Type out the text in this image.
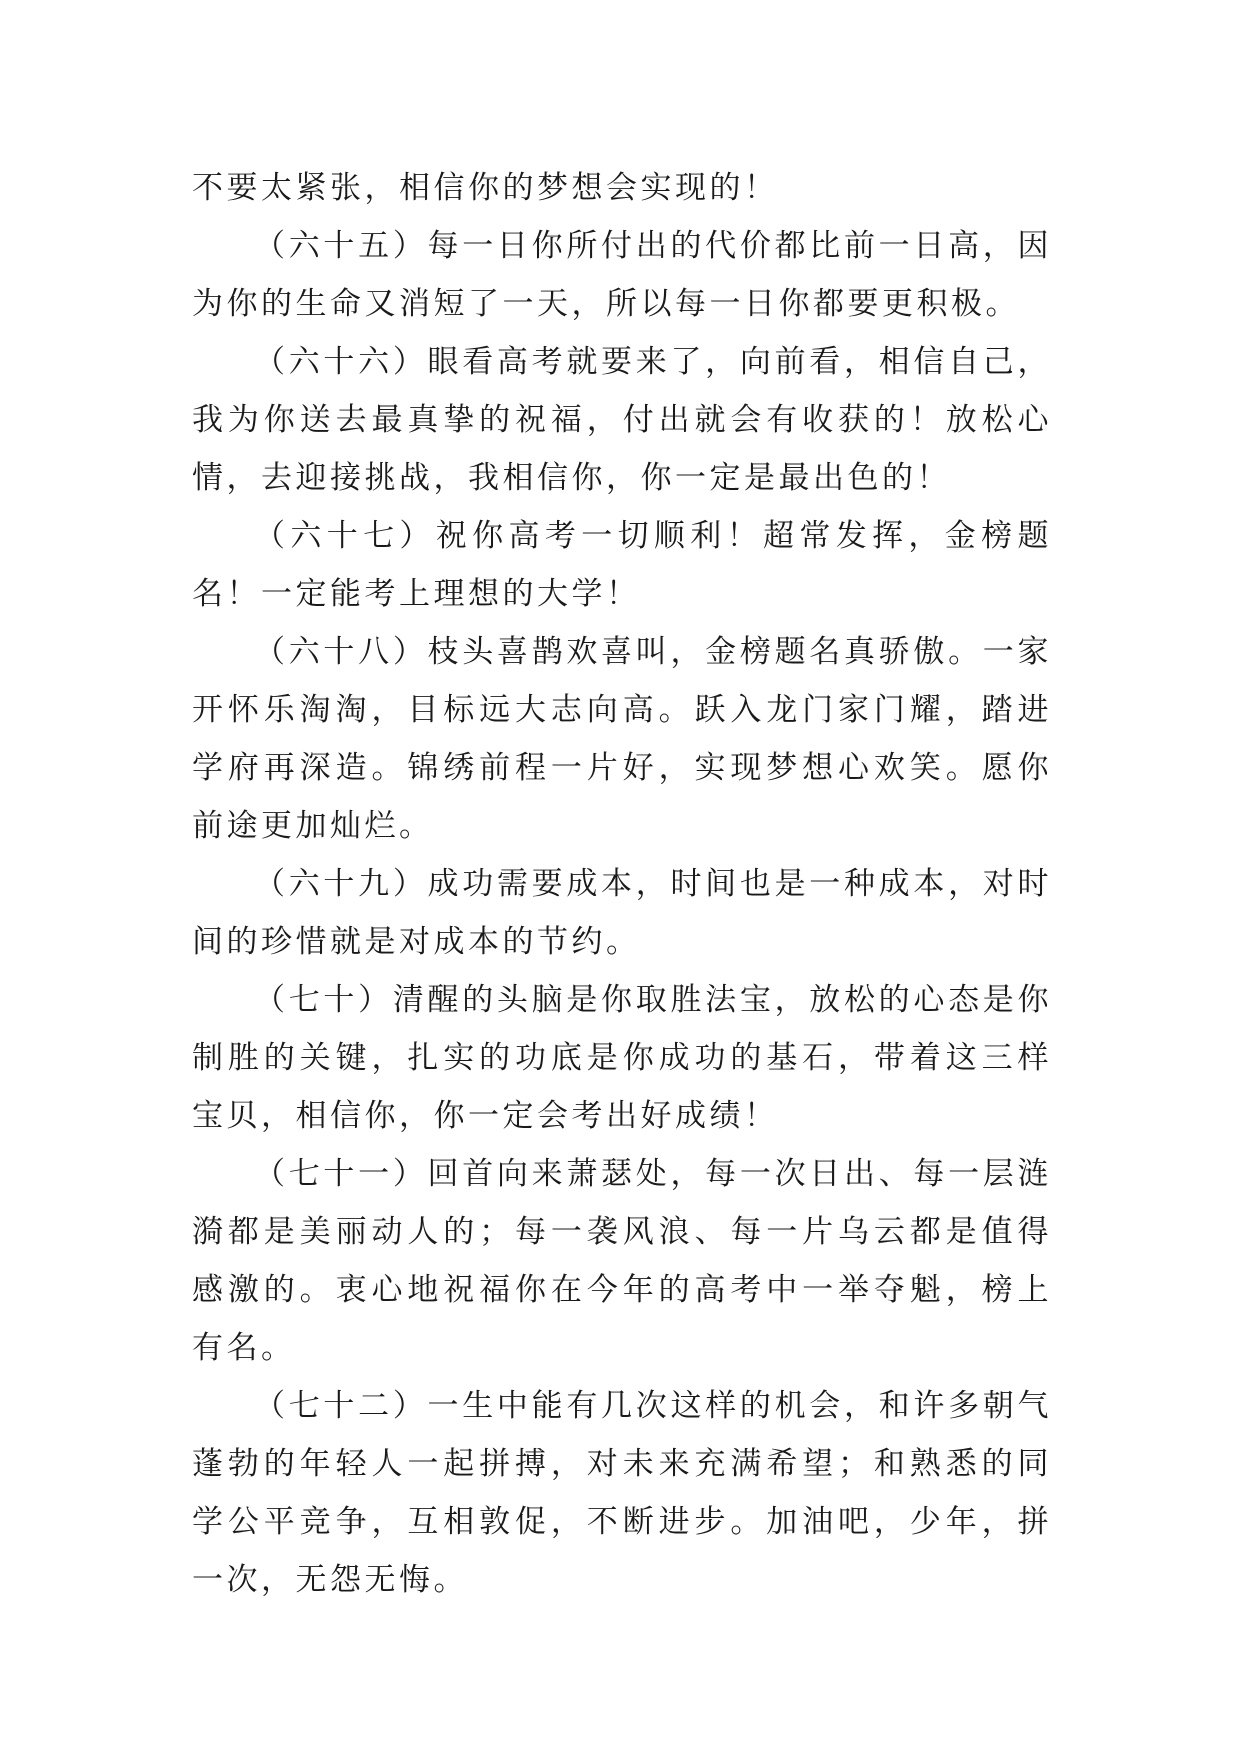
不要太紧张，相信你的梦想会实现的！

（六十五）每一日你所付出的代价都比前一日高，因为你的生命又消短了一天，所以每一日你都要更积极。

（六十六）眼看高考就要来了，向前看，相信自己，我为你送去最真挚的祝福，付出就会有收获的！放松心情，去迎接挑战，我相信你，你一定是最出色的！

（六十七）祝你高考一切顺利！超常发挥，金榜题名！一定能考上理想的大学！

（六十八）枝头喜鹊欢喜叫，金榜题名真骄傲。一家开怀乐淘淘，目标远大志向高。跃入龙门家门耀，踏进学府再深造。锦绣前程一片好，实现梦想心欢笑。愿你前途更加灿烂。

（六十九）成功需要成本，时间也是一种成本，对时间的珍惜就是对成本的节约。

（七十）清醒的头脑是你取胜法宝，放松的心态是你制胜的关键，扎实的功底是你成功的基石，带着这三样宝贝，相信你，你一定会考出好成绩！

（七十一）回首向来萧瑟处，每一次日出、每一层涟漪都是美丽动人的；每一袭风浪、每一片乌云都是值得感激的。衷心地祝福你在今年的高考中一举夺魁，榜上有名。

（七十二）一生中能有几次这样的机会，和许多朝气蓬勃的年轻人一起拼搏，对未来充满希望；和熟悉的同学公平竞争，互相敦促，不断进步。加油吧，少年，拼一次，无怨无悔。
